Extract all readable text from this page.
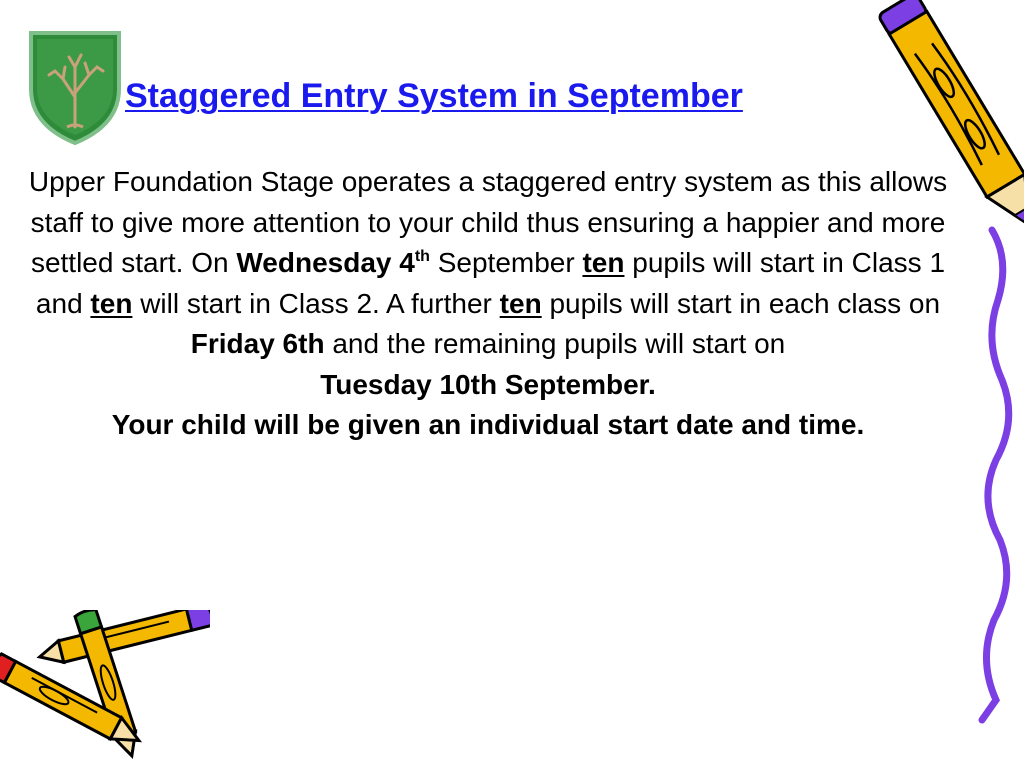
Staggered Entry System in September

Upper Foundation Stage operates a staggered entry system as this allows staff to give more attention to your child thus ensuring a happier and more settled start. On Wednesday 4th September ten pupils will start in Class 1 and ten will start in Class 2. A further ten pupils will start in each class on Friday 6th and the remaining pupils will start on
Tuesday 10th September.
Your child will be given an individual start date and time.
